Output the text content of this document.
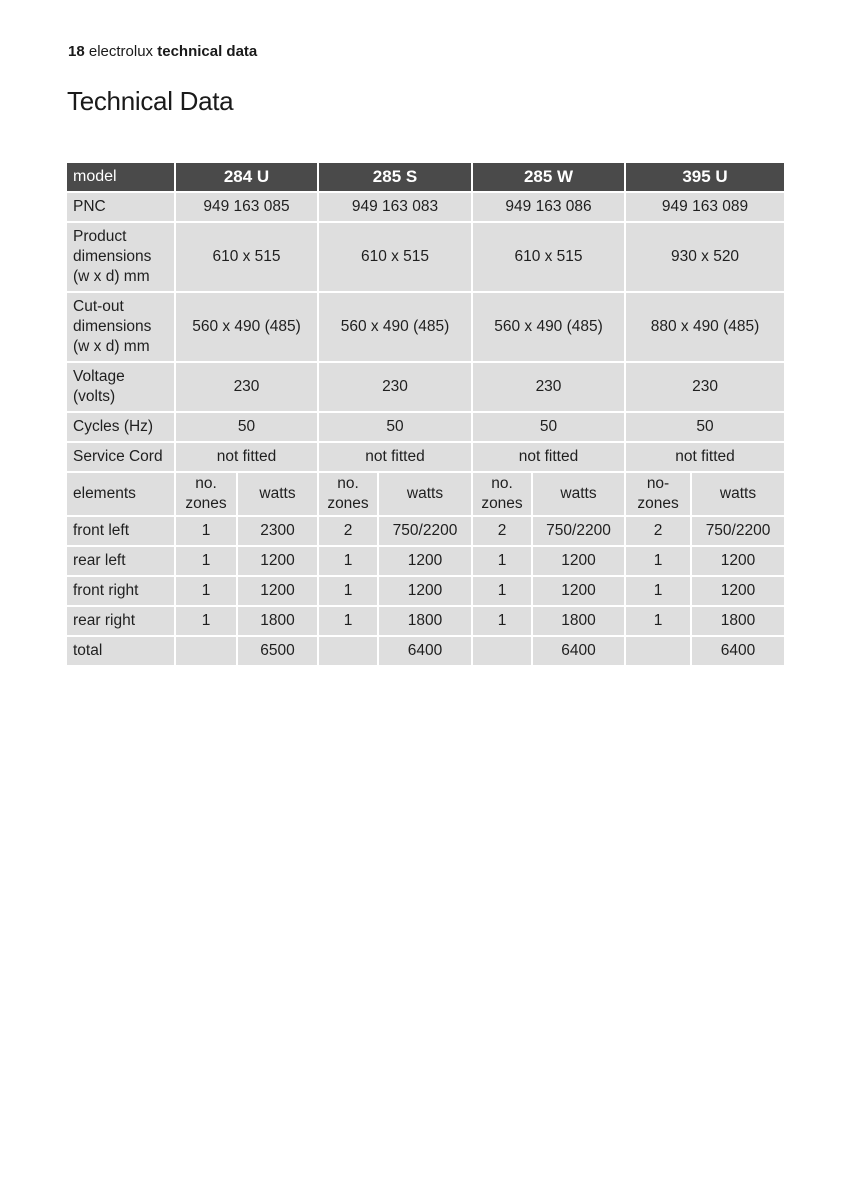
18 electrolux technical data
Technical Data
model	284 U		285 S		285 W		395 U	
PNC	949 163 085		949 163 083		949 163 086		949 163 089	

Product
dimensions
(w x d) mm	610 x 515		610 x 515		610 x 515		930 x 520	

Cut-out
dimensions
(w x d) mm	560 x 490 (485)		560 x 490 (485)		560 x 490 (485)		880 x 490 (485)	

Voltage
(volts)	230		230		230		230	
Cycles (Hz)	50		50		50		50	
Service Cord	not fitted		not fitted		not fitted		not fitted	
elements	no.
zones	watts	no.
zones	watts	no.
zones	watts	no-
zones	watts
front left	1	2300	2	750/2200	2	750/2200	2	750/2200
rear left	1	1200	1	1200	1	1200	1	1200
front right	1	1200	1	1200	1	1200	1	1200
rear right	1	1800	1	1800	1	1800	1	1800
total		6500		6400		6400		6400
